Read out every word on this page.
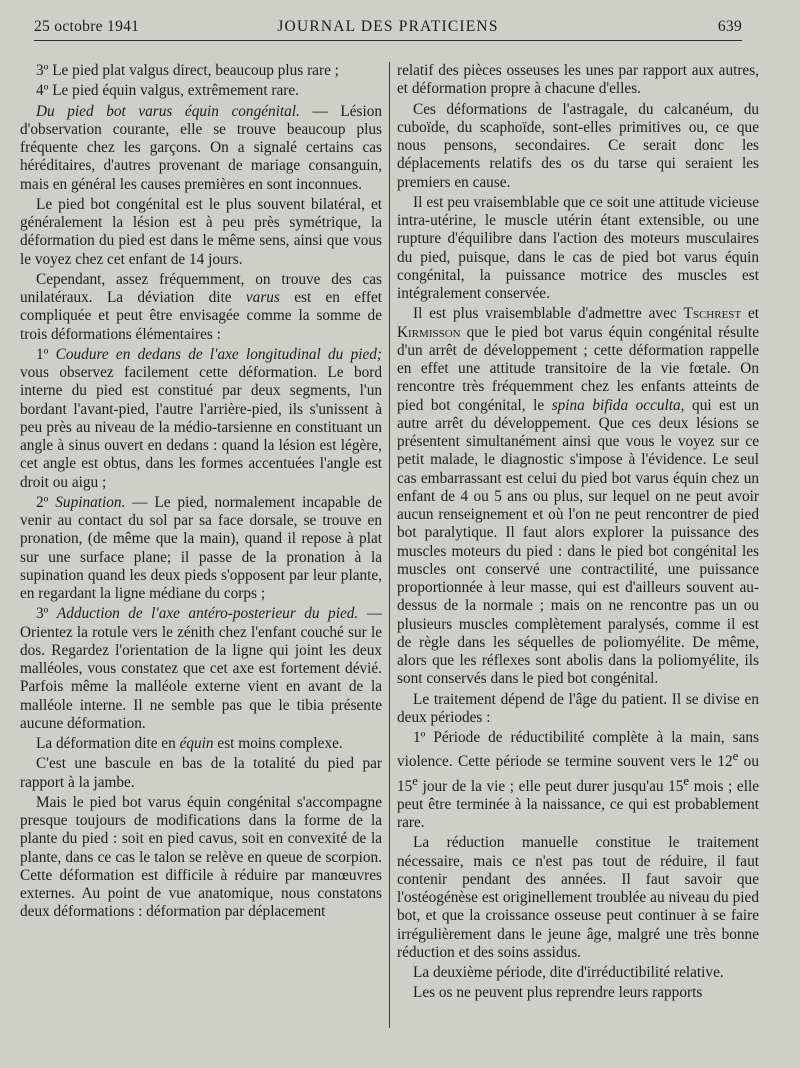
25 octobre 1941	JOURNAL DES PRATICIENS	639

3º Le pied plat valgus direct, beaucoup plus rare ;

4º Le pied équin valgus, extrêmement rare.

Du pied bot varus équin congénital. — Lésion d'observation courante, elle se trouve beaucoup plus fréquente chez les garçons. On a signalé certains cas héréditaires, d'autres provenant de mariage consanguin, mais en général les causes premières en sont inconnues.

Le pied bot congénital est le plus souvent bilatéral, et généralement la lésion est à peu près symétrique, la déformation du pied est dans le même sens, ainsi que vous le voyez chez cet enfant de 14 jours.

Cependant, assez fréquemment, on trouve des cas unilatéraux. La déviation dite varus est en effet compliquée et peut être envisagée comme la somme de trois déformations élémentaires :

1º Coudure en dedans de l'axe longitudinal du pied; vous observez facilement cette déformation. Le bord interne du pied est constitué par deux segments, l'un bordant l'avant-pied, l'autre l'arrière-pied, ils s'unissent à peu près au niveau de la médio-tarsienne en constituant un angle à sinus ouvert en dedans : quand la lésion est légère, cet angle est obtus, dans les formes accentuées l'angle est droit ou aigu ;

2º Supination. — Le pied, normalement incapable de venir au contact du sol par sa face dorsale, se trouve en pronation, (de même que la main), quand il repose à plat sur une surface plane; il passe de la pronation à la supination quand les deux pieds s'opposent par leur plante, en regardant la ligne médiane du corps ;

3º Adduction de l'axe antéro-posterieur du pied. — Orientez la rotule vers le zénith chez l'enfant couché sur le dos. Regardez l'orientation de la ligne qui joint les deux malléoles, vous constatez que cet axe est fortement dévié. Parfois même la malléole externe vient en avant de la malléole interne. Il ne semble pas que le tibia présente aucune déformation.

La déformation dite en équin est moins complexe.

C'est une bascule en bas de la totalité du pied par rapport à la jambe.

Mais le pied bot varus équin congénital s'accompagne presque toujours de modifications dans la forme de la plante du pied : soit en pied cavus, soit en convexité de la plante, dans ce cas le talon se relève en queue de scorpion. Cette déformation est difficile à réduire par manœuvres externes. Au point de vue anatomique, nous constatons deux déformations : déformation par déplacement

relatif des pièces osseuses les unes par rapport aux autres, et déformation propre à chacune d'elles.

Ces déformations de l'astragale, du calcanéum, du cuboïde, du scaphoïde, sont-elles primitives ou, ce que nous pensons, secondaires. Ce serait donc les déplacements relatifs des os du tarse qui seraient les premiers en cause.

Il est peu vraisemblable que ce soit une attitude vicieuse intra-utérine, le muscle utérin étant extensible, ou une rupture d'équilibre dans l'action des moteurs musculaires du pied, puisque, dans le cas de pied bot varus équin congénital, la puissance motrice des muscles est intégralement conservée.

Il est plus vraisemblable d'admettre avec Tschrest et Kirmisson que le pied bot varus équin congénital résulte d'un arrêt de développement ; cette déformation rappelle en effet une attitude transitoire de la vie fœtale. On rencontre très fréquemment chez les enfants atteints de pied bot congénital, le spina bifida occulta, qui est un autre arrêt du développement. Que ces deux lésions se présentent simultanément ainsi que vous le voyez sur ce petit malade, le diagnostic s'impose à l'évidence. Le seul cas embarrassant est celui du pied bot varus équin chez un enfant de 4 ou 5 ans ou plus, sur lequel on ne peut avoir aucun renseignement et où l'on ne peut rencontrer de pied bot paralytique. Il faut alors explorer la puissance des muscles moteurs du pied : dans le pied bot congénital les muscles ont conservé une contractilité, une puissance proportionnée à leur masse, qui est d'ailleurs souvent au-dessus de la normale ; mais on ne rencontre pas un ou plusieurs muscles complètement paralysés, comme il est de règle dans les séquelles de poliomyélite. De même, alors que les réflexes sont abolis dans la poliomyélite, ils sont conservés dans le pied bot congénital.

Le traitement dépend de l'âge du patient. Il se divise en deux périodes :

1º Période de réductibilité complète à la main, sans violence. Cette période se termine souvent vers le 12e ou 15e jour de la vie ; elle peut durer jusqu'au 15e mois ; elle peut être terminée à la naissance, ce qui est probablement rare.

La réduction manuelle constitue le traitement nécessaire, mais ce n'est pas tout de réduire, il faut contenir pendant des années. Il faut savoir que l'ostéogénèse est originellement troublée au niveau du pied bot, et que la croissance osseuse peut continuer à se faire irrégulièrement dans le jeune âge, malgré une très bonne réduction et des soins assidus.

La deuxième période, dite d'irréductibilité relative.

Les os ne peuvent plus reprendre leurs rapports
